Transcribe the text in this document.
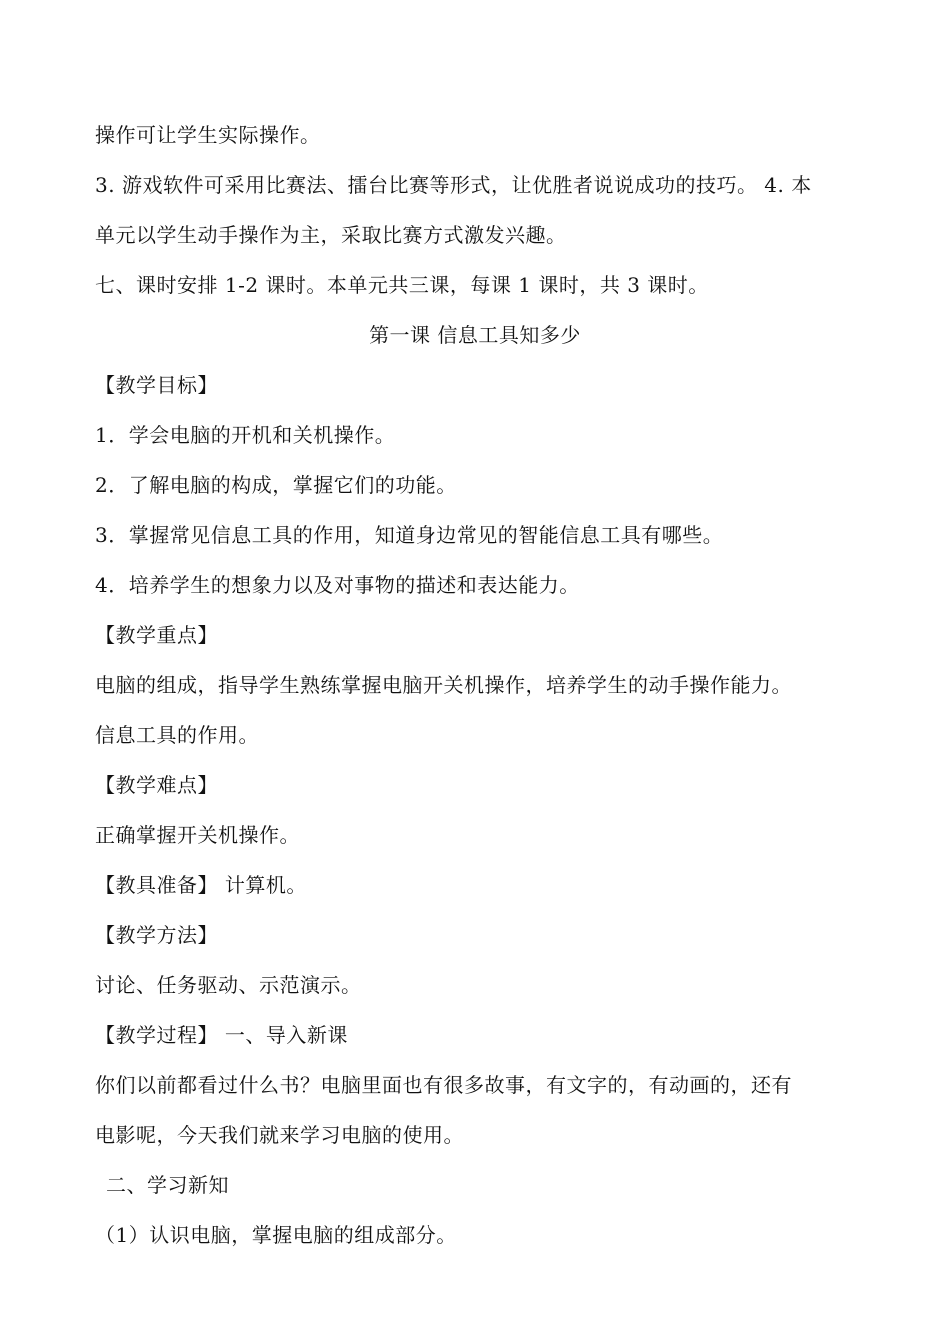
操作可让学生实际操作。
3. 游戏软件可采用比赛法、擂台比赛等形式，让优胜者说说成功的技巧。 4. 本
单元以学生动手操作为主，采取比赛方式激发兴趣。
七、课时安排 1-2 课时。本单元共三课，每课 1 课时，共 3 课时。
第一课 信息工具知多少
【教学目标】
1．学会电脑的开机和关机操作。
2．了解电脑的构成，掌握它们的功能。
3．掌握常见信息工具的作用，知道身边常见的智能信息工具有哪些。
4．培养学生的想象力以及对事物的描述和表达能力。
【教学重点】
电脑的组成，指导学生熟练掌握电脑开关机操作，培养学生的动手操作能力。
信息工具的作用。
【教学难点】
正确掌握开关机操作。
【教具准备】 计算机。
【教学方法】
讨论、任务驱动、示范演示。
【教学过程】 一、导入新课
你们以前都看过什么书？电脑里面也有很多故事，有文字的，有动画的，还有
电影呢，今天我们就来学习电脑的使用。
二、学习新知
（1）认识电脑，掌握电脑的组成部分。
